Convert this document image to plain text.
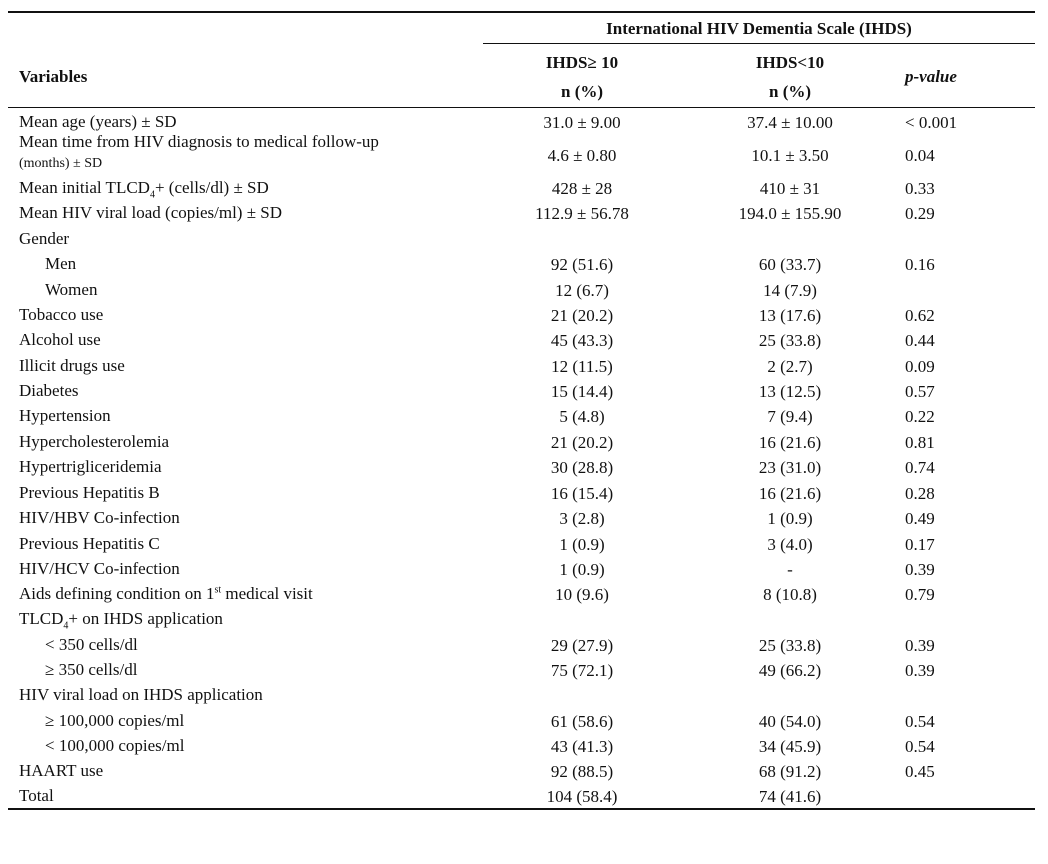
International HIV Dementia Scale (IHDS)
Variables
IHDS≥ 10
n (%)
IHDS<10
n (%)
p-value
Mean age (years) ± SD	31.0 ± 9.00	37.4 ± 10.00	< 0.001
Mean time from HIV diagnosis to medical follow-up
(months) ± SD	4.6 ± 0.80	10.1 ± 3.50	0.04
Mean initial $TLCD_4+$ (cells/dl) ± SD	428 ± 28	410 ± 31	0.33
Mean HIV viral load (copies/ml) ± SD	112.9 ± 56.78	194.0 ± 155.90	0.29
Gender
Men	92 (51.6)	60 (33.7)	0.16
Women	12 (6.7)	14 (7.9)
Tobacco use	21 (20.2)	13 (17.6)	0.62
Alcohol use	45 (43.3)	25 (33.8)	0.44
Illicit drugs use	12 (11.5)	2 (2.7)	0.09
Diabetes	15 (14.4)	13 (12.5)	0.57
Hypertension	5 (4.8)	7 (9.4)	0.22
Hypercholesterolemia	21 (20.2)	16 (21.6)	0.81
Hypertrigliceridemia	30 (28.8)	23 (31.0)	0.74
Previous Hepatitis B	16 (15.4)	16 (21.6)	0.28
HIV/HBV Co-infection	3 (2.8)	1 (0.9)	0.49
Previous Hepatitis C	1 (0.9)	3 (4.0)	0.17
HIV/HCV Co-infection	1 (0.9)	-	0.39
Aids defining condition on 1st medical visit	10 (9.6)	8 (10.8)	0.79
$TLCD_4+$ on IHDS application
< 350 cells/dl	29 (27.9)	25 (33.8)	0.39
≥ 350 cells/dl	75 (72.1)	49 (66.2)	0.39
HIV viral load on IHDS application
≥ 100,000 copies/ml	61 (58.6)	40 (54.0)	0.54
< 100,000 copies/ml	43 (41.3)	34 (45.9)	0.54
HAART use	92 (88.5)	68 (91.2)	0.45
Total	104 (58.4)	74 (41.6)
